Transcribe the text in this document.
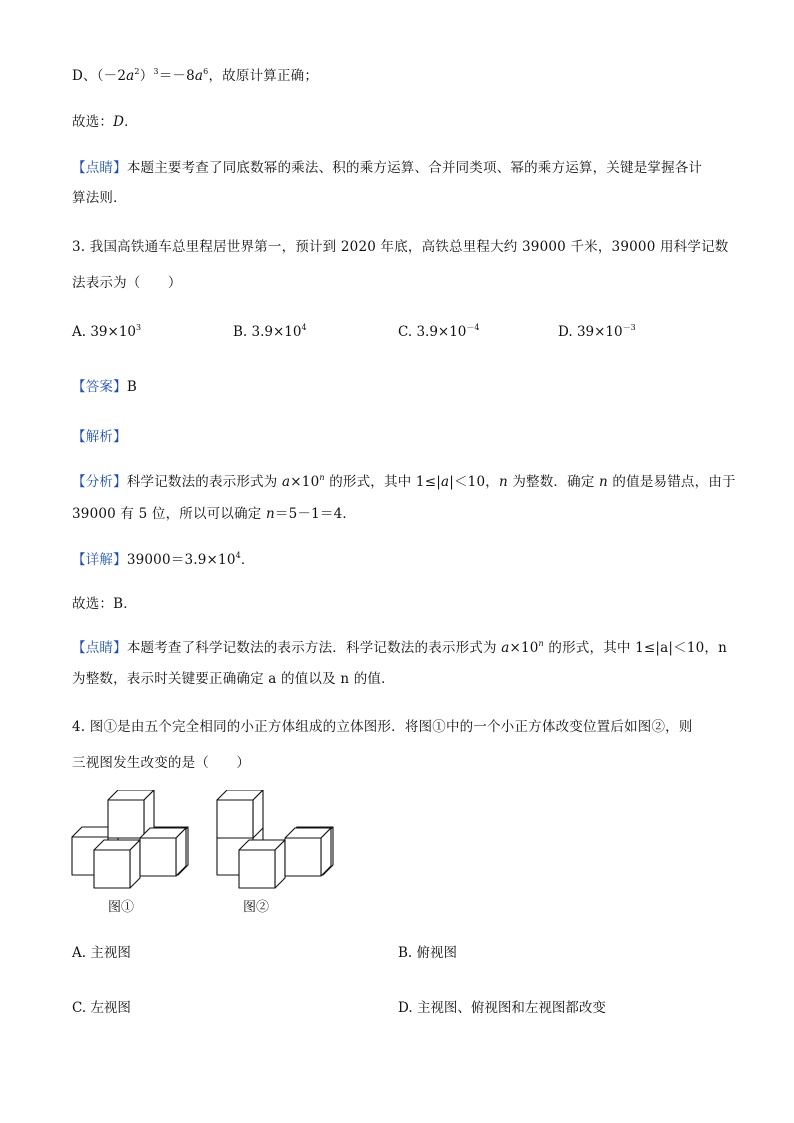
D、$(-2a^2)^3=-8a^6$，故原计算正确；
故选：D．
【点睛】本题主要考查了同底数幂的乘法、积的乘方运算、合并同类项、幂的乘方运算，关键是掌握各计
算法则．
3. 我国高铁通车总里程居世界第一，预计到 2020 年底，高铁总里程大约 39000 千米，39000 用科学记数
法表示为（　　）
A. $39\times 10^3$	B. $3.9\times 10^4$	C. $3.9\times 10^{-4}$	D. $39\times 10^{-3}$
【答案】B
【解析】
【分析】科学记数法的表示形式为 $a\times 10^n$ 的形式，其中 1≤|a|＜10，n 为整数．确定 n 的值是易错点，由于
39000 有 5 位，所以可以确定 n＝5－1＝4．
【详解】$39000=3.9\times 10^4$．
故选：B．
【点睛】本题考查了科学记数法的表示方法．科学记数法的表示形式为 $a\times 10^n$ 的形式，其中 1≤|a|＜10，n
为整数，表示时关键要正确确定 a 的值以及 n 的值．
4. 图①是由五个完全相同的小正方体组成的立体图形．将图①中的一个小正方体改变位置后如图②，则
三视图发生改变的是（　　）
图①	图②
A. 主视图	B. 俯视图
C. 左视图	D. 主视图、俯视图和左视图都改变
